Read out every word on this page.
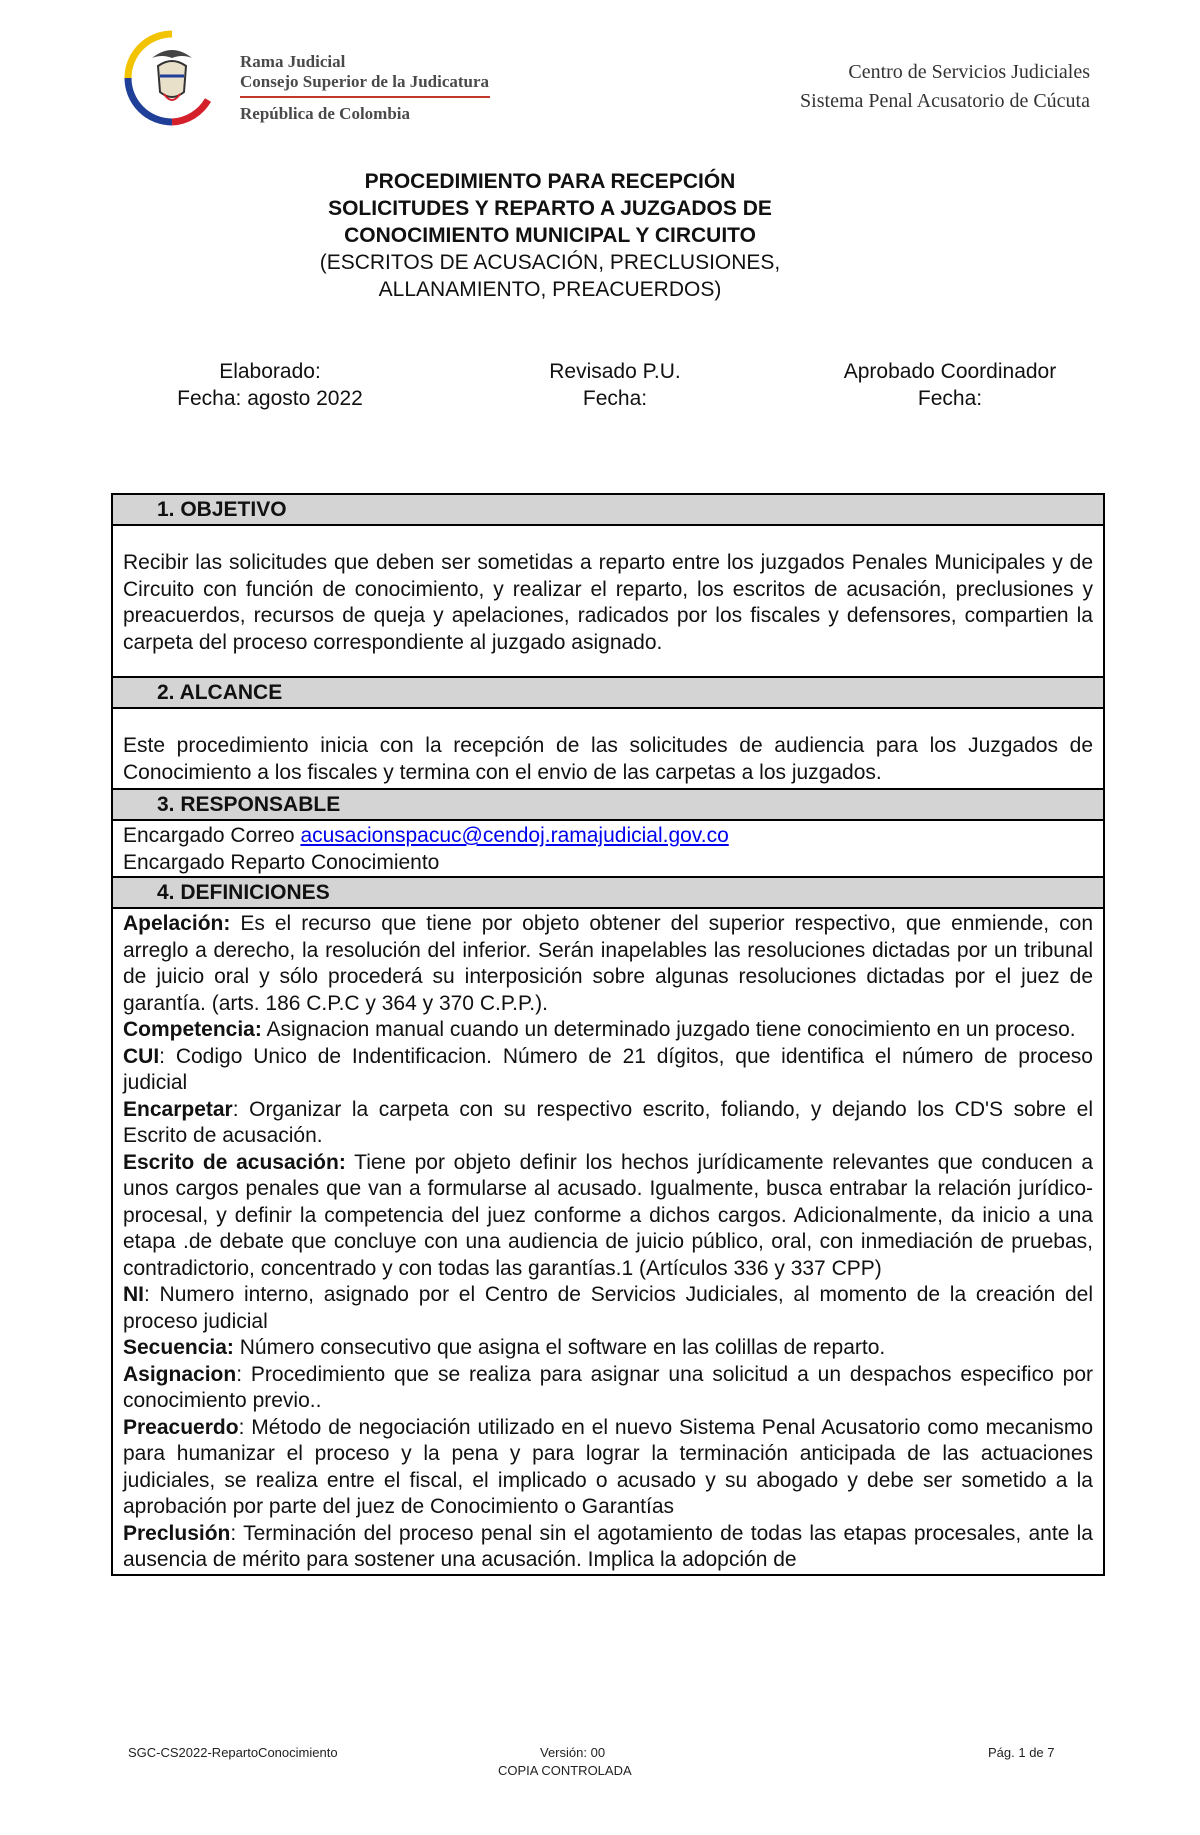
Rama Judicial
Consejo Superior de la Judicatura
República de Colombia
Centro de Servicios Judiciales
Sistema Penal Acusatorio de Cúcuta
PROCEDIMIENTO PARA RECEPCIÓN
SOLICITUDES Y REPARTO A JUZGADOS DE
CONOCIMIENTO MUNICIPAL Y CIRCUITO
(ESCRITOS DE ACUSACIÓN, PRECLUSIONES,
ALLANAMIENTO, PREACUERDOS)
Elaborado:
Fecha: agosto 2022
Revisado P.U.
Fecha:
Aprobado Coordinador
Fecha:
1. OBJETIVO
Recibir las solicitudes que deben ser sometidas a reparto entre los juzgados Penales Municipales y de Circuito con función de conocimiento, y realizar el reparto, los escritos de acusación, preclusiones y preacuerdos, recursos de queja y apelaciones, radicados por los fiscales y defensores, compartien la carpeta del proceso correspondiente al juzgado asignado.
2. ALCANCE
Este procedimiento inicia con la recepción de las solicitudes de audiencia para los Juzgados de Conocimiento a los fiscales y termina con el envio de las carpetas a los juzgados.
3. RESPONSABLE
Encargado Correo acusacionspacuc@cendoj.ramajudicial.gov.co
Encargado Reparto Conocimiento
4. DEFINICIONES

Apelación: Es el recurso que tiene por objeto obtener del superior respectivo, que enmiende, con arreglo a derecho, la resolución del inferior. Serán inapelables las resoluciones dictadas por un tribunal de juicio oral y sólo procederá su interposición sobre algunas resoluciones dictadas por el juez de garantía. (arts. 186 C.P.C y 364 y 370 C.P.P.).

Competencia: Asignacion manual cuando un determinado juzgado tiene conocimiento en un proceso.

CUI: Codigo Unico de Indentificacion. Número de 21 dígitos, que identifica el número de proceso judicial

Encarpetar: Organizar la carpeta con su respectivo escrito, foliando, y dejando los CD'S sobre el Escrito de acusación.

Escrito de acusación: Tiene por objeto definir los hechos jurídicamente relevantes que conducen a unos cargos penales que van a formularse al acusado. Igualmente, busca entrabar la relación jurídico-procesal, y definir la competencia del juez conforme a dichos cargos. Adicionalmente, da inicio a una etapa .de debate que concluye con una audiencia de juicio público, oral, con inmediación de pruebas, contradictorio, concentrado y con todas las garantías.1 (Artículos 336 y 337 CPP)

NI: Numero interno, asignado por el Centro de Servicios Judiciales, al momento de la creación del proceso judicial

Secuencia: Número consecutivo que asigna el software en las colillas de reparto.

Asignacion: Procedimiento que se realiza para asignar una solicitud a un despachos especifico por conocimiento previo..

Preacuerdo: Método de negociación utilizado en el nuevo Sistema Penal Acusatorio como mecanismo para humanizar el proceso y la pena y para lograr la terminación anticipada de las actuaciones judiciales, se realiza entre el fiscal, el implicado o acusado y su abogado y debe ser sometido a la aprobación por parte del juez de Conocimiento o Garantías

Preclusión: Terminación del proceso penal sin el agotamiento de todas las etapas procesales, ante la ausencia de mérito para sostener una acusación. Implica la adopción de

SGC-CS2022-RepartoConocimiento	Versión: 00	Pág. 1 de 7
COPIA CONTROLADA
